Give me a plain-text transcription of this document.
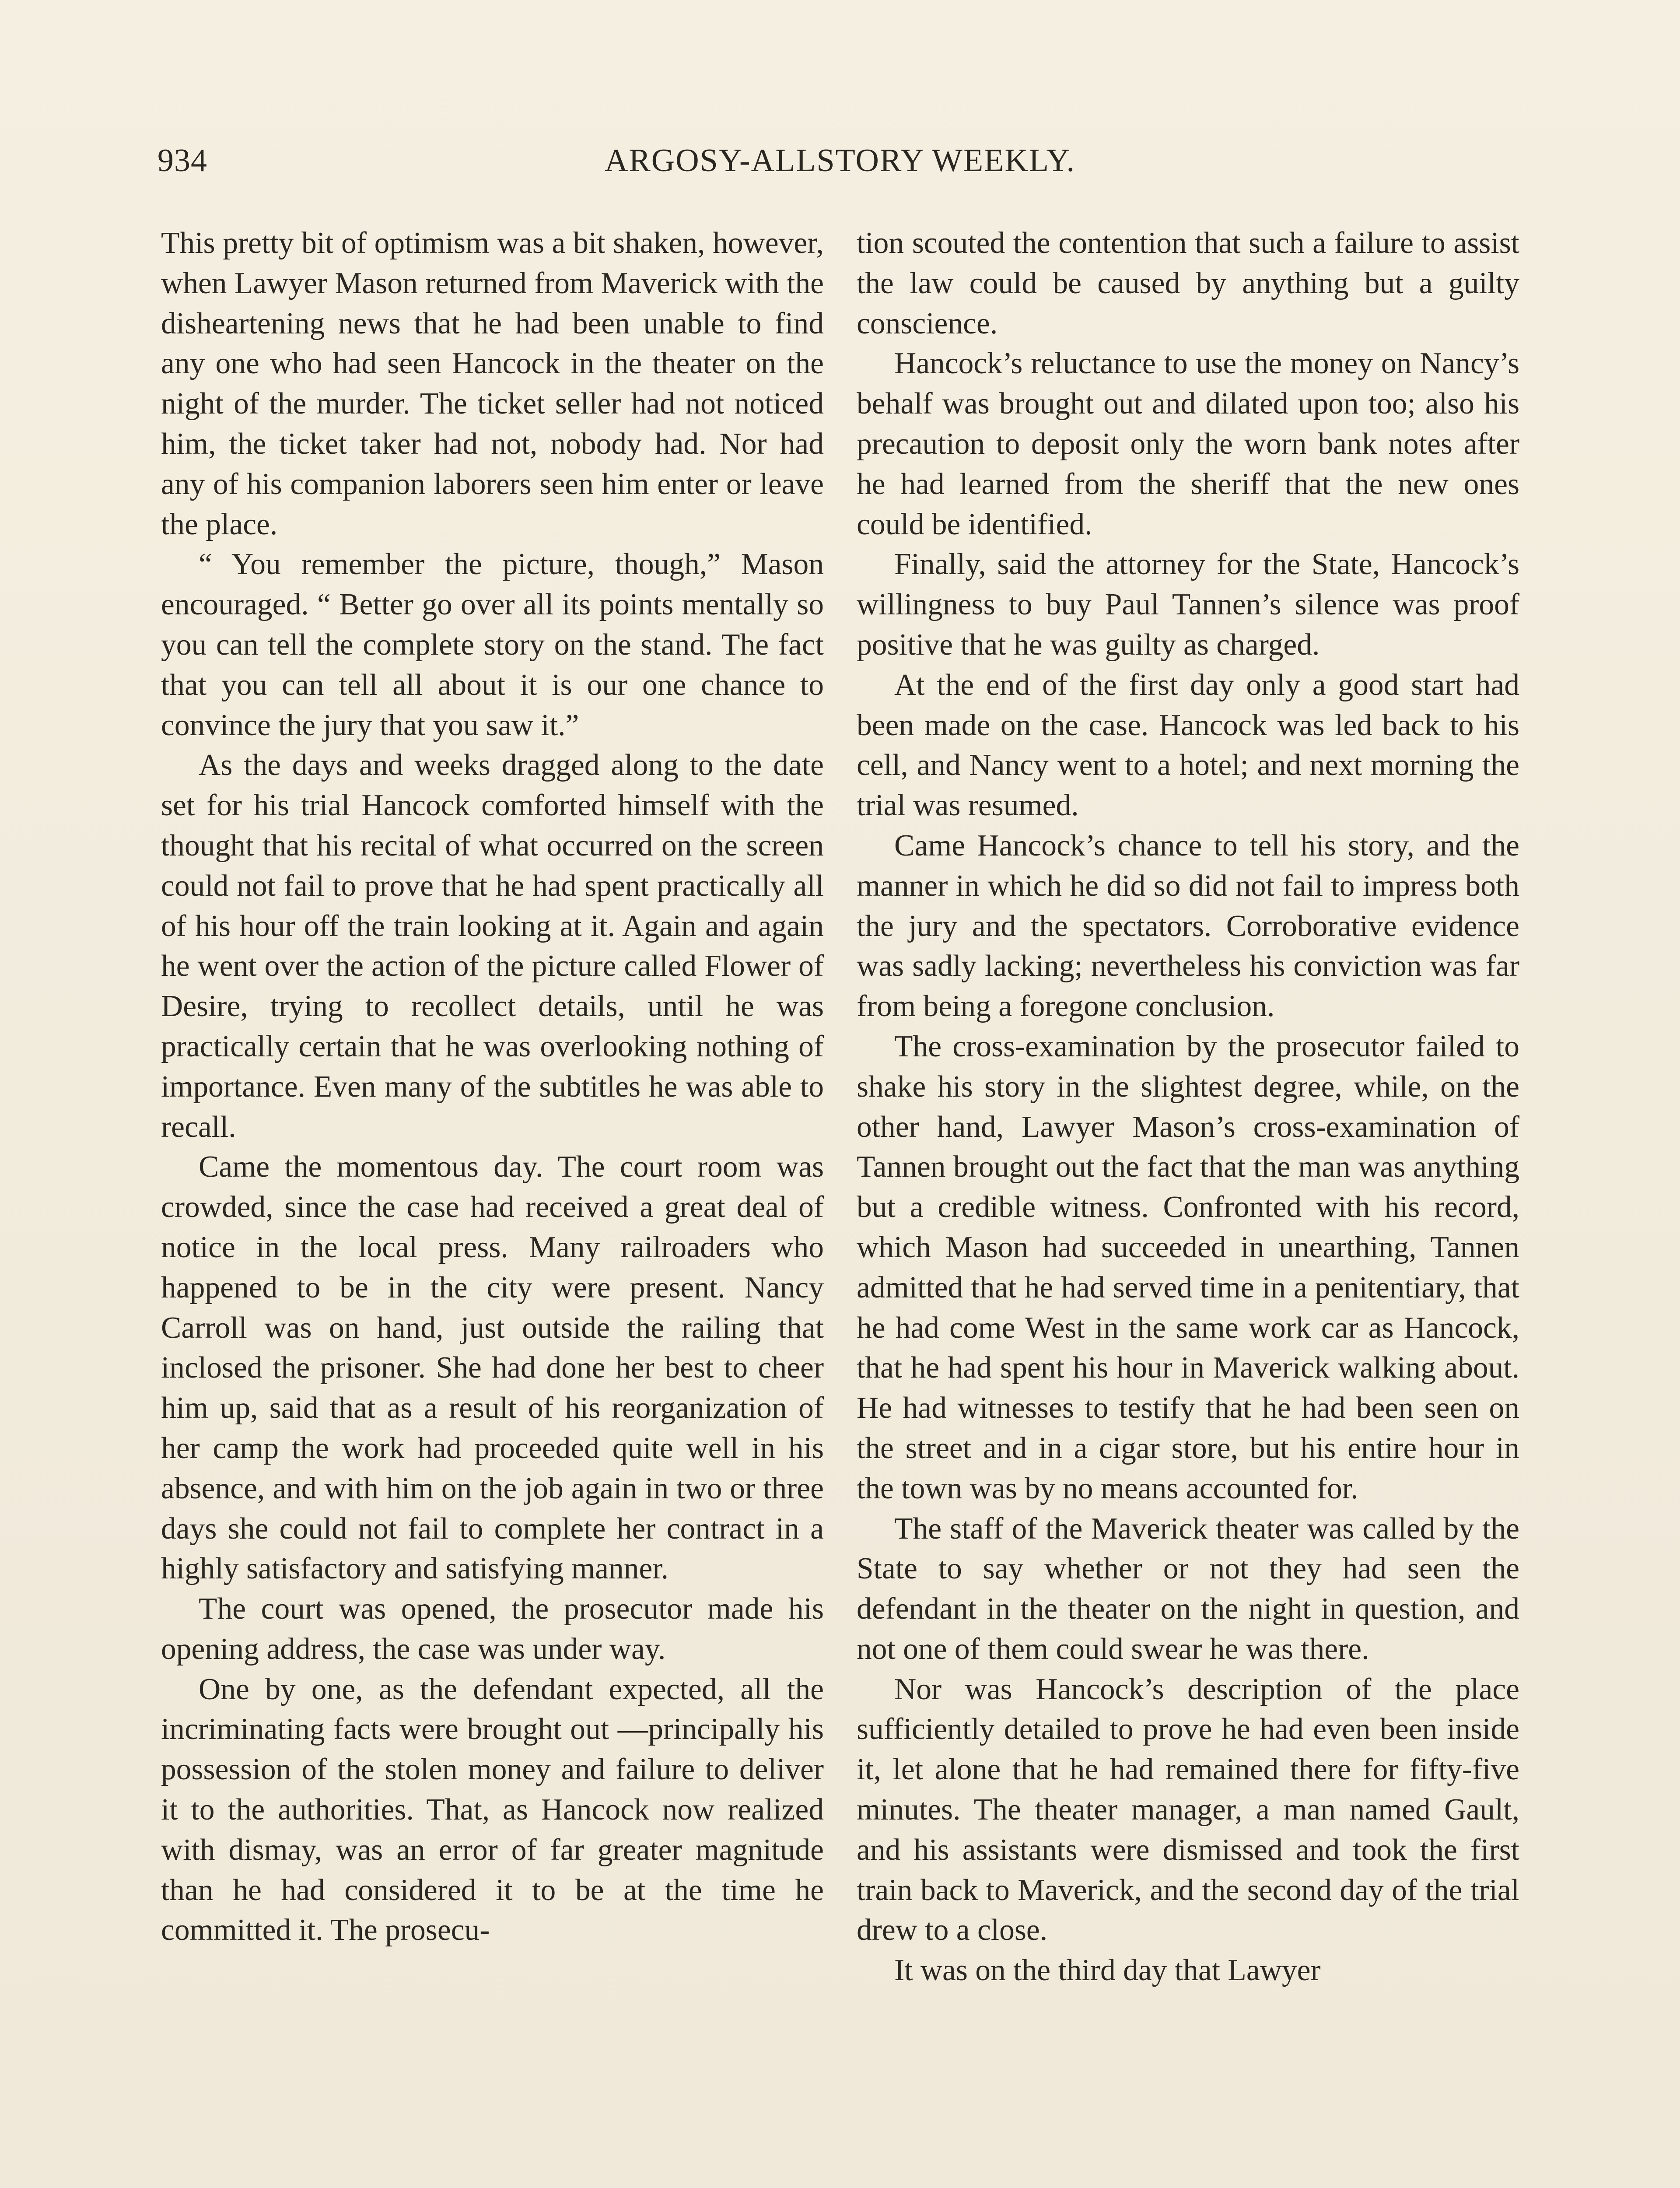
934	ARGOSY-ALLSTORY WEEKLY.

This pretty bit of optimism was a bit shaken, however, when Lawyer Mason returned from Maverick with the disheartening news that he had been unable to find any one who had seen Hancock in the theater on the night of the murder. The ticket seller had not noticed him, the ticket taker had not, nobody had. Nor had any of his companion laborers seen him enter or leave the place.

“ You remember the picture, though,” Mason encouraged. “ Better go over all its points mentally so you can tell the complete story on the stand. The fact that you can tell all about it is our one chance to convince the jury that you saw it.”

As the days and weeks dragged along to the date set for his trial Hancock comforted himself with the thought that his recital of what occurred on the screen could not fail to prove that he had spent practically all of his hour off the train looking at it. Again and again he went over the action of the picture called Flower of Desire, trying to recollect details, until he was practically certain that he was overlooking nothing of importance. Even many of the subtitles he was able to recall.

Came the momentous day. The court room was crowded, since the case had received a great deal of notice in the local press. Many railroaders who happened to be in the city were present. Nancy Carroll was on hand, just outside the railing that inclosed the prisoner. She had done her best to cheer him up, said that as a result of his reorganization of her camp the work had proceeded quite well in his absence, and with him on the job again in two or three days she could not fail to complete her contract in a highly satisfactory and satisfying manner.

The court was opened, the prosecutor made his opening address, the case was under way.

One by one, as the defendant expected, all the incriminating facts were brought out —principally his possession of the stolen money and failure to deliver it to the authorities. That, as Hancock now realized with dismay, was an error of far greater magnitude than he had considered it to be at the time he committed it. The prosecu-

tion scouted the contention that such a failure to assist the law could be caused by anything but a guilty conscience.

Hancock’s reluctance to use the money on Nancy’s behalf was brought out and dilated upon too; also his precaution to deposit only the worn bank notes after he had learned from the sheriff that the new ones could be identified.

Finally, said the attorney for the State, Hancock’s willingness to buy Paul Tannen’s silence was proof positive that he was guilty as charged.

At the end of the first day only a good start had been made on the case. Hancock was led back to his cell, and Nancy went to a hotel; and next morning the trial was resumed.

Came Hancock’s chance to tell his story, and the manner in which he did so did not fail to impress both the jury and the spectators. Corroborative evidence was sadly lacking; nevertheless his conviction was far from being a foregone conclusion.

The cross-examination by the prosecutor failed to shake his story in the slightest degree, while, on the other hand, Lawyer Mason’s cross-examination of Tannen brought out the fact that the man was anything but a credible witness. Confronted with his record, which Mason had succeeded in unearthing, Tannen admitted that he had served time in a penitentiary, that he had come West in the same work car as Hancock, that he had spent his hour in Maverick walking about. He had witnesses to testify that he had been seen on the street and in a cigar store, but his entire hour in the town was by no means accounted for.

The staff of the Maverick theater was called by the State to say whether or not they had seen the defendant in the theater on the night in question, and not one of them could swear he was there.

Nor was Hancock’s description of the place sufficiently detailed to prove he had even been inside it, let alone that he had remained there for fifty-five minutes. The theater manager, a man named Gault, and his assistants were dismissed and took the first train back to Maverick, and the second day of the trial drew to a close.

It was on the third day that Lawyer
